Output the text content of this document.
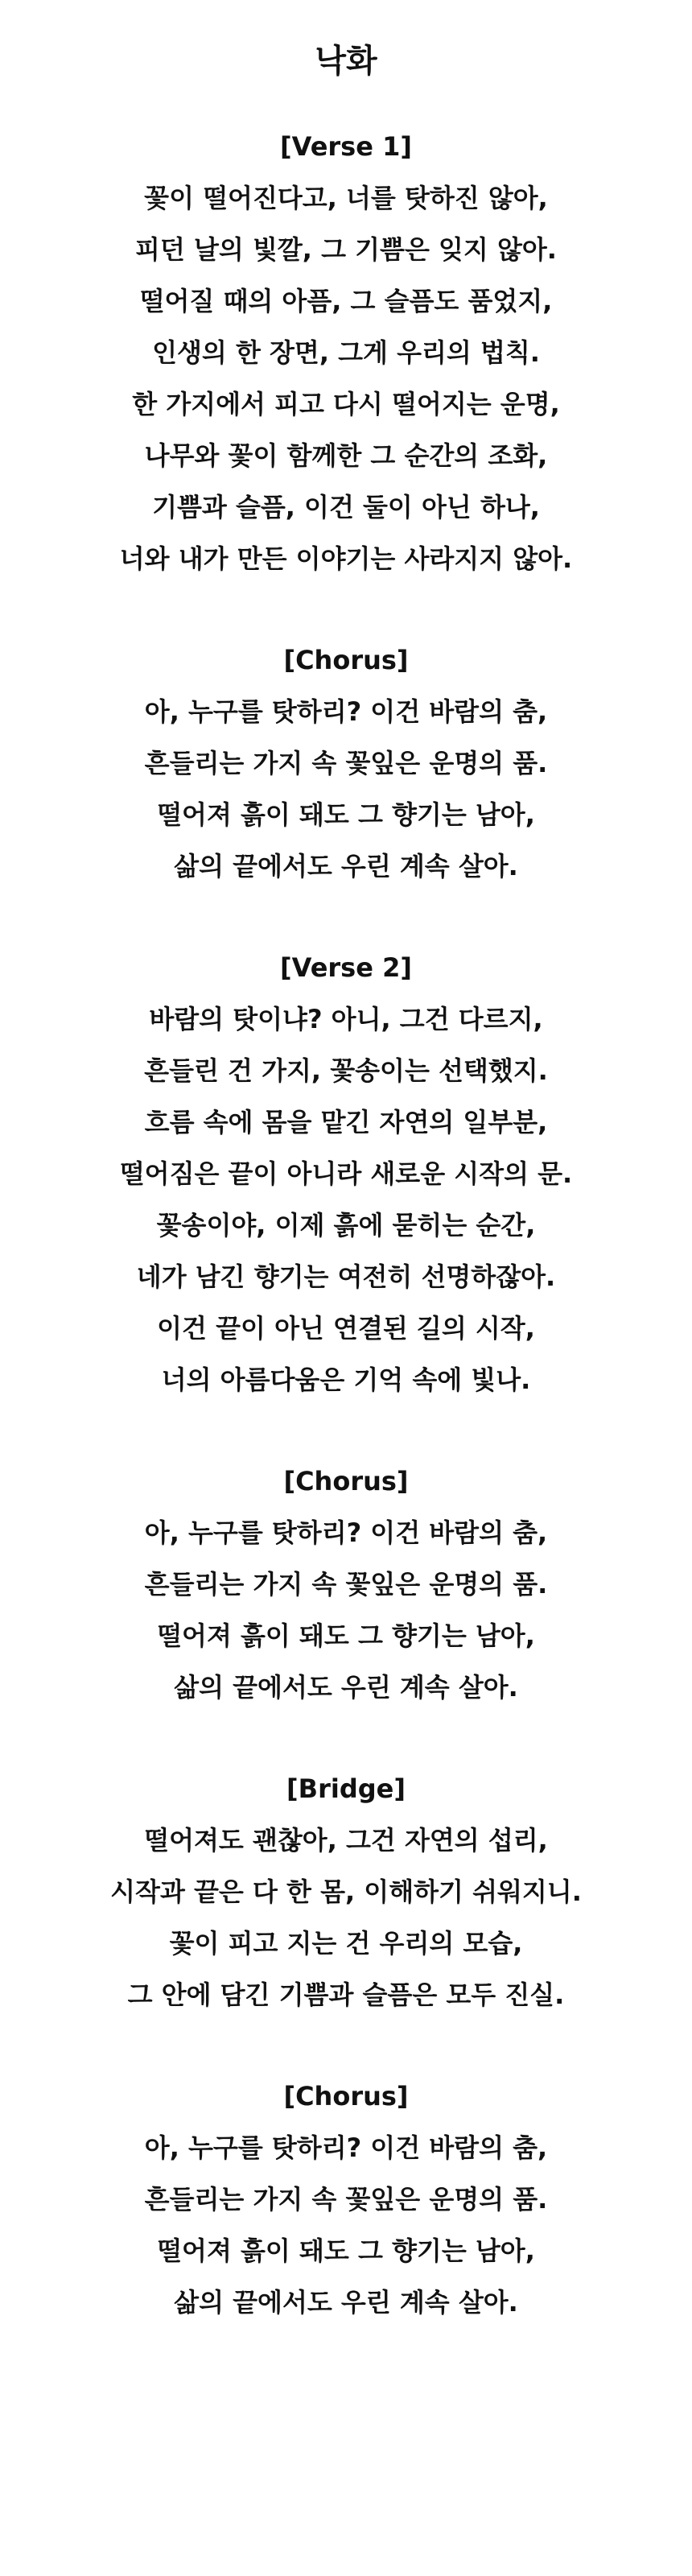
낙화

[Verse 1]

꽃이 떨어진다고, 너를 탓하진 않아,

피던 날의 빛깔, 그 기쁨은 잊지 않아.

떨어질 때의 아픔, 그 슬픔도 품었지,

인생의 한 장면, 그게 우리의 법칙.

한 가지에서 피고 다시 떨어지는 운명,

나무와 꽃이 함께한 그 순간의 조화,

기쁨과 슬픔, 이건 둘이 아닌 하나,

너와 내가 만든 이야기는 사라지지 않아.

[Chorus]

아, 누구를 탓하리? 이건 바람의 춤,

흔들리는 가지 속 꽃잎은 운명의 품.

떨어져 흙이 돼도 그 향기는 남아,

삶의 끝에서도 우린 계속 살아.

[Verse 2]

바람의 탓이냐? 아니, 그건 다르지,

흔들린 건 가지, 꽃송이는 선택했지.

흐름 속에 몸을 맡긴 자연의 일부분,

떨어짐은 끝이 아니라 새로운 시작의 문.

꽃송이야, 이제 흙에 묻히는 순간,

네가 남긴 향기는 여전히 선명하잖아.

이건 끝이 아닌 연결된 길의 시작,

너의 아름다움은 기억 속에 빛나.

[Chorus]

아, 누구를 탓하리? 이건 바람의 춤,

흔들리는 가지 속 꽃잎은 운명의 품.

떨어져 흙이 돼도 그 향기는 남아,

삶의 끝에서도 우린 계속 살아.

[Bridge]

떨어져도 괜찮아, 그건 자연의 섭리,

시작과 끝은 다 한 몸, 이해하기 쉬워지니.

꽃이 피고 지는 건 우리의 모습,

그 안에 담긴 기쁨과 슬픔은 모두 진실.

[Chorus]

아, 누구를 탓하리? 이건 바람의 춤,

흔들리는 가지 속 꽃잎은 운명의 품.

떨어져 흙이 돼도 그 향기는 남아,

삶의 끝에서도 우린 계속 살아.
